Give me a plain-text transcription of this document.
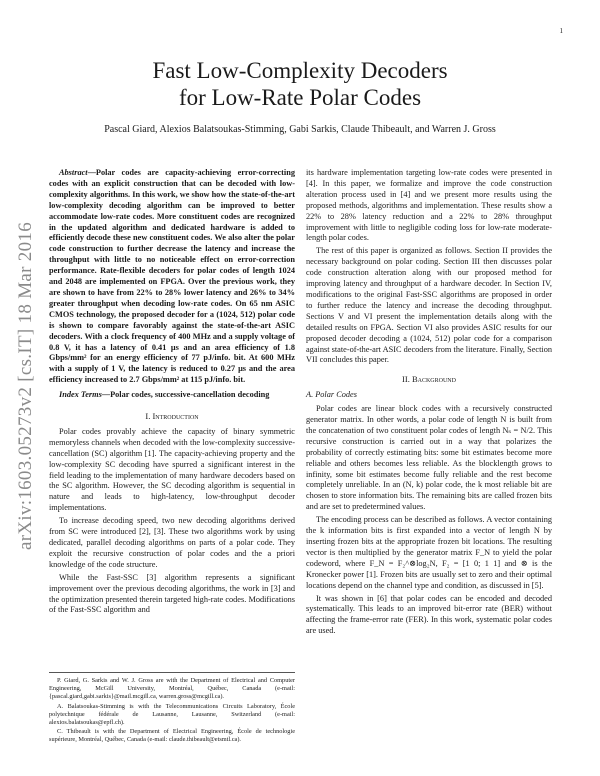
1
arXiv:1603.05273v2 [cs.IT] 18 Mar 2016
Fast Low-Complexity Decoders
for Low-Rate Polar Codes
Pascal Giard, Alexios Balatsoukas-Stimming, Gabi Sarkis, Claude Thibeault, and Warren J. Gross

Abstract—Polar codes are capacity-achieving error-correcting codes with an explicit construction that can be decoded with low-complexity algorithms. In this work, we show how the state-of-the-art low-complexity decoding algorithm can be improved to better accommodate low-rate codes. More constituent codes are recognized in the updated algorithm and dedicated hardware is added to efficiently decode these new constituent codes. We also alter the polar code construction to further decrease the latency and increase the throughput with little to no noticeable effect on error-correction performance. Rate-flexible decoders for polar codes of length 1024 and 2048 are implemented on FPGA. Over the previous work, they are shown to have from 22% to 28% lower latency and 26% to 34% greater throughput when decoding low-rate codes. On 65 nm ASIC CMOS technology, the proposed decoder for a (1024, 512) polar code is shown to compare favorably against the state-of-the-art ASIC decoders. With a clock frequency of 400 MHz and a supply voltage of 0.8 V, it has a latency of 0.41 μs and an area efficiency of 1.8 Gbps/mm² for an energy efficiency of 77 pJ/info. bit. At 600 MHz with a supply of 1 V, the latency is reduced to 0.27 μs and the area efficiency increased to 2.7 Gbps/mm² at 115 pJ/info. bit.

Index Terms—Polar codes, successive-cancellation decoding

I. Introduction

Polar codes provably achieve the capacity of binary symmetric memoryless channels when decoded with the low-complexity successive-cancellation (SC) algorithm [1]. The capacity-achieving property and the low-complexity SC decoding have spurred a significant interest in the field leading to the implementation of many hardware decoders based on the SC algorithm. However, the SC decoding algorithm is sequential in nature and leads to high-latency, low-throughput decoder implementations.

To increase decoding speed, two new decoding algorithms derived from SC were introduced [2], [3]. These two algorithms work by using dedicated, parallel decoding algorithms on parts of a polar code. They exploit the recursive construction of polar codes and the a priori knowledge of the code structure.

While the Fast-SSC [3] algorithm represents a significant improvement over the previous decoding algorithms, the work in [3] and the optimization presented therein targeted high-rate codes. Modifications of the Fast-SSC algorithm and

its hardware implementation targeting low-rate codes were presented in [4]. In this paper, we formalize and improve the code construction alteration process used in [4] and we present more results using the proposed methods, algorithms and implementation. These results show a 22% to 28% latency reduction and a 22% to 28% throughput improvement with little to negligible coding loss for low-rate moderate-length polar codes.

The rest of this paper is organized as follows. Section II provides the necessary background on polar coding. Section III then discusses polar code construction alteration along with our proposed method for improving latency and throughput of a hardware decoder. In Section IV, modifications to the original Fast-SSC algorithms are proposed in order to further reduce the latency and increase the decoding throughput. Sections V and VI present the implementation details along with the detailed results on FPGA. Section VI also provides ASIC results for our proposed decoder decoding a (1024, 512) polar code for a comparison against state-of-the-art ASIC decoders from the literature. Finally, Section VII concludes this paper.

II. Background
A. Polar Codes

Polar codes are linear block codes with a recursively constructed generator matrix. In other words, a polar code of length N is built from the concatenation of two constituent polar codes of length Nₛ = N/2. This recursive construction is carried out in a way that polarizes the probability of correctly estimating bits: some bit estimates become more reliable and others becomes less reliable. As the blocklength grows to infinity, some bit estimates become fully reliable and the rest become completely unreliable. In an (N, k) polar code, the k most reliable bit are chosen to store information bits. The remaining bits are called frozen bits and are set to predetermined values.

The encoding process can be described as follows. A vector containing the k information bits is first expanded into a vector of length N by inserting frozen bits at the appropriate frozen bit locations. The resulting vector is then multiplied by the generator matrix F_N to yield the polar codeword, where F_N = F₂^⊗log₂N, F₂ = [1 0; 1 1] and ⊗ is the Kronecker power [1]. Frozen bits are usually set to zero and their optimal locations depend on the channel type and condition, as discussed in [5].

It was shown in [6] that polar codes can be encoded and decoded systematically. This leads to an improved bit-error rate (BER) without affecting the frame-error rate (FER). In this work, systematic polar codes are used.

P. Giard, G. Sarkis and W. J. Gross are with the Department of Electrical and Computer Engineering, McGill University, Montréal, Québec, Canada (e-mail: {pascal.giard,gabi.sarkis}@mail.mcgill.ca, warren.gross@mcgill.ca).

A. Balatsoukas-Stimming is with the Telecommunications Circuits Laboratory, École polytechnique fédérale de Lausanne, Lausanne, Switzerland (e-mail: alexios.balatsoukas@epfl.ch).

C. Thibeault is with the Department of Electrical Engineering, École de technologie supérieure, Montréal, Québec, Canada (e-mail: claude.thibeault@etsmtl.ca).
